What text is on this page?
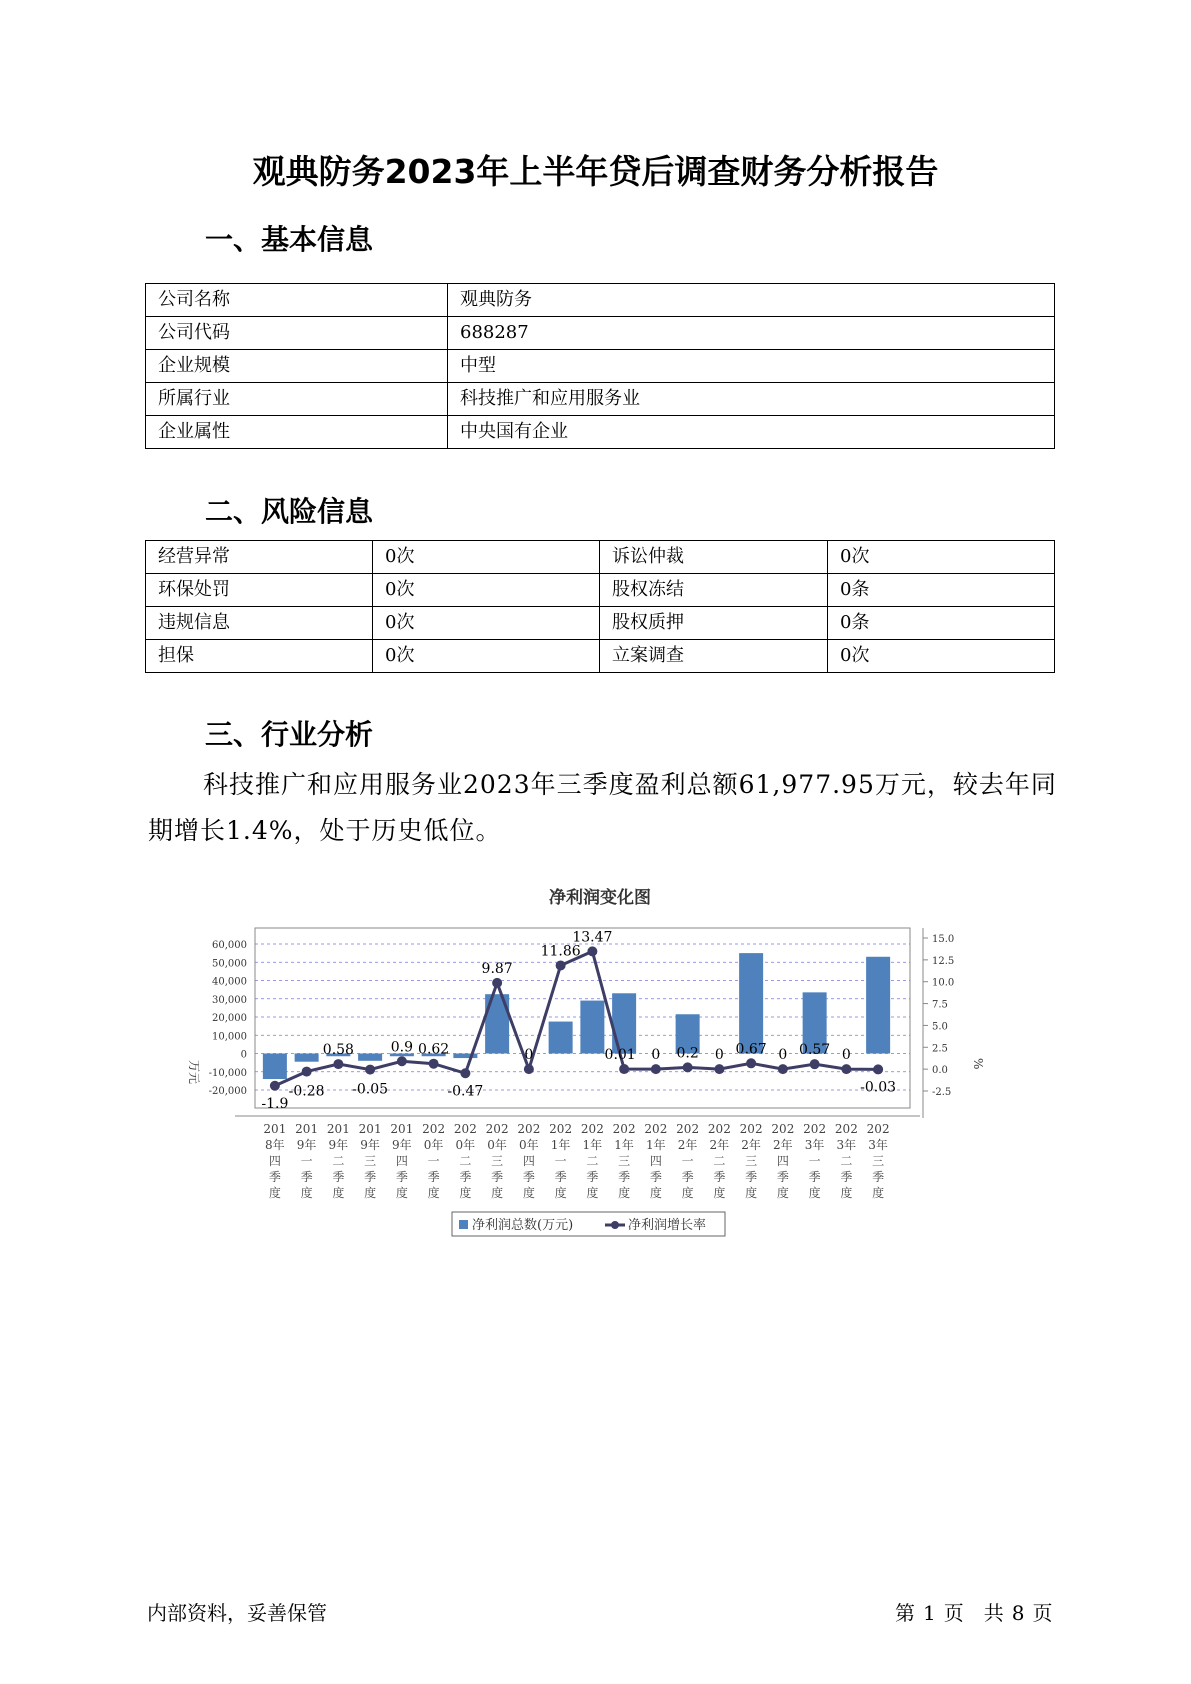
观典防务2023年上半年贷后调查财务分析报告
一、基本信息
公司名称	观典防务
公司代码	688287
企业规模	中型
所属行业	科技推广和应用服务业
企业属性	中央国有企业
二、风险信息
经营异常	0次	诉讼仲裁	0次
环保处罚	0次	股权冻结	0条
违规信息	0次	股权质押	0条
担保	0次	立案调查	0次
三、行业分析
科技推广和应用服务业2023年三季度盈利总额61,977.95万元，较去年同期增长1.4%，处于历史低位。
净利润变化图
60,000
50,000
40,000
30,000
20,000
10,000
0
-10,000
-20,000
万元
15.0
12.5
10.0
7.5
5.0
2.5
0.0
-2.5
%
-1.9
-0.28
0.58
-0.05
0.9 0.62
-0.47
9.87
0
11.86
13.47
0.01 0 0.2 0 0.67 0 0.57 0
-0.03
201
8年
四
季
度
201
9年
一
季
度
201
9年
二
季
度
201
9年
三
季
度
201
9年
四
季
度
202
0年
一
季
度
202
0年
二
季
度
202
0年
三
季
度
202
0年
四
季
度
202
1年
一
季
度
202
1年
二
季
度
202
1年
三
季
度
202
1年
四
季
度
202
2年
一
季
度
202
2年
二
季
度
202
2年
三
季
度
202
2年
四
季
度
202
3年
一
季
度
202
3年
二
季
度
202
3年
三
季
度
净利润总数(万元)	净利润增长率
内部资料，妥善保管	第 1 页 共 8 页
